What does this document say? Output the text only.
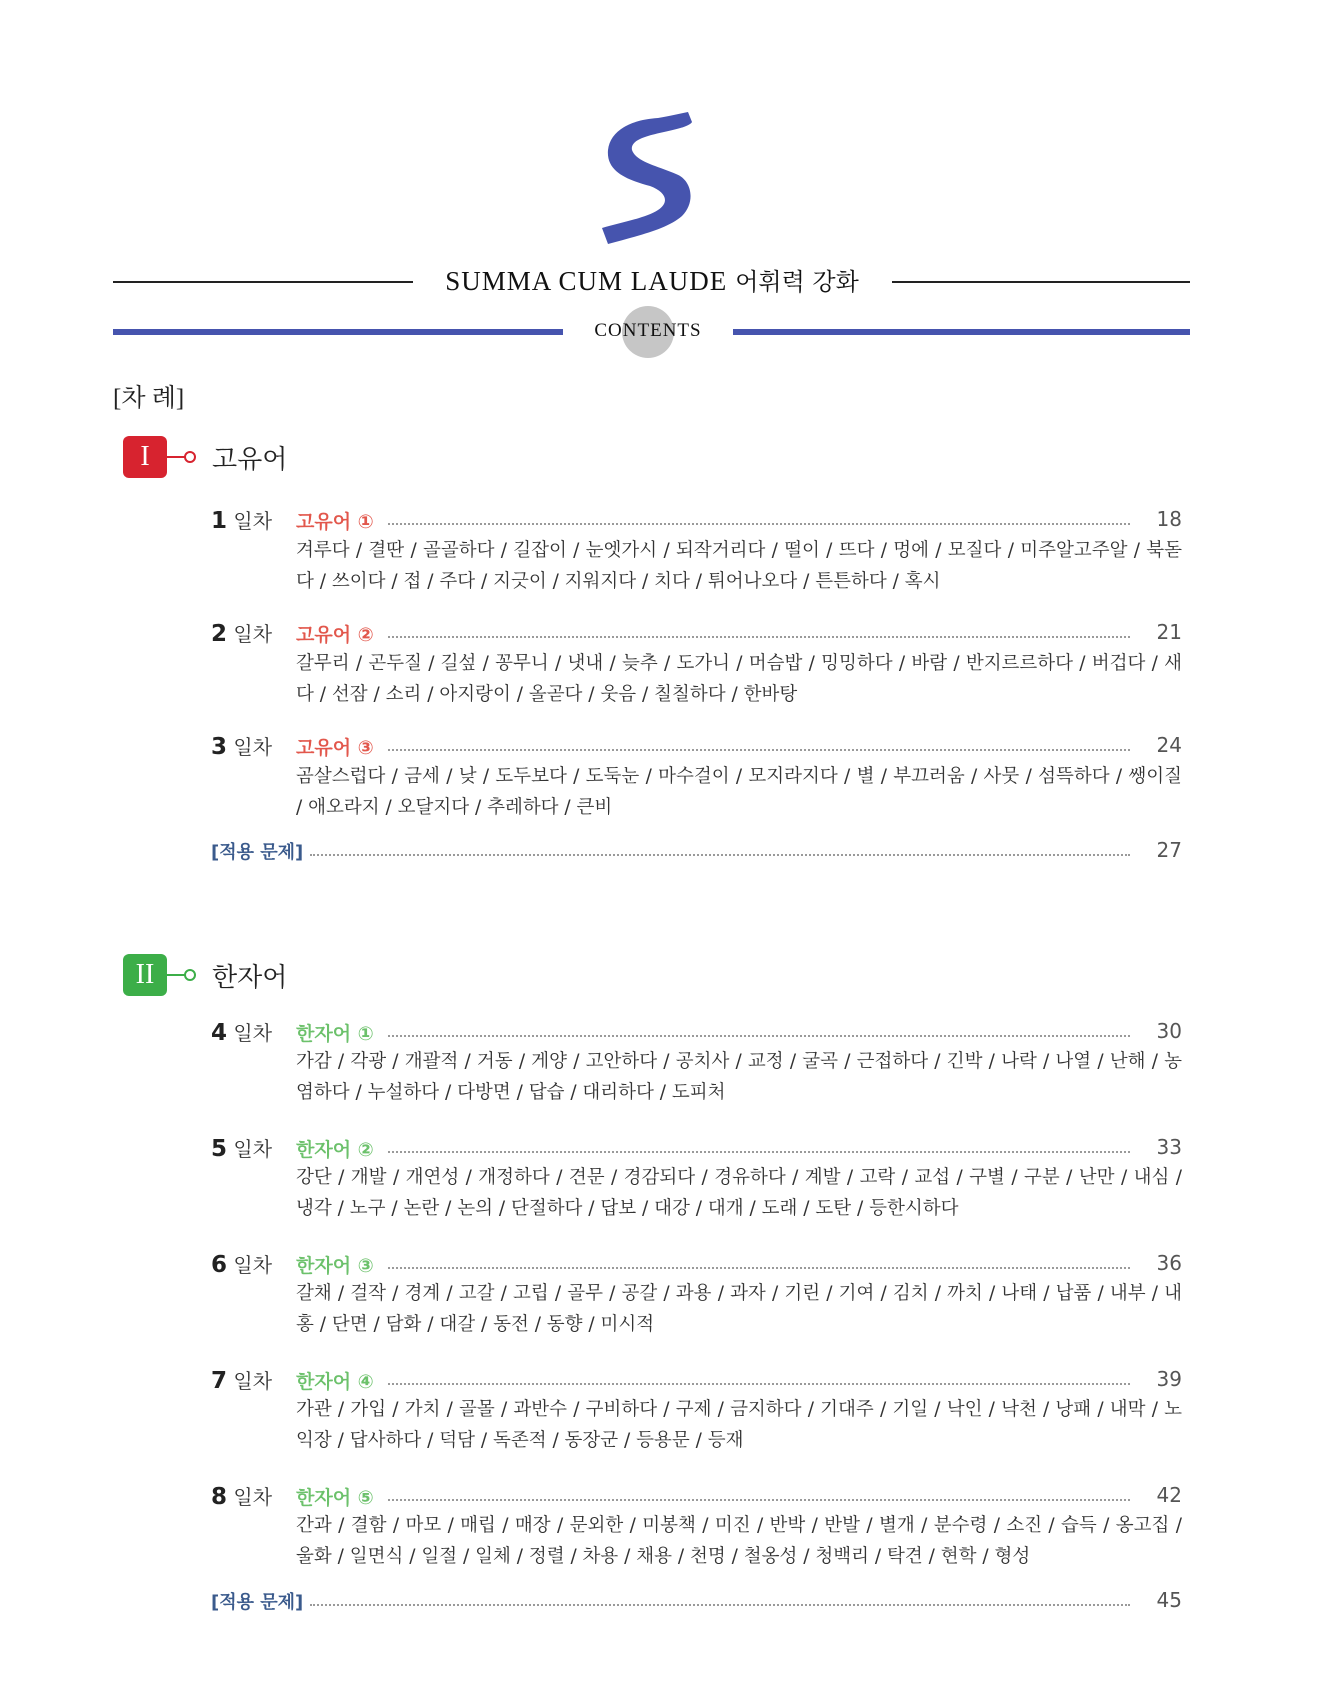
SUMMA CUM LAUDE 어휘력 강화
CONTENTS
[차 례]
I	고유어
1 일차 고유어 ①	18
겨루다 / 결딴 / 골골하다 / 길잡이 / 눈엣가시 / 되작거리다 / 떨이 / 뜨다 / 멍에 / 모질다 / 미주알고주알 / 북돋다 / 쓰이다 / 접 / 주다 / 지긋이 / 지워지다 / 치다 / 튀어나오다 / 튼튼하다 / 혹시
2 일차 고유어 ②	21
갈무리 / 곤두질 / 길섶 / 꽁무니 / 냇내 / 늦추 / 도가니 / 머슴밥 / 밍밍하다 / 바람 / 반지르르하다 / 버겁다 / 새다 / 선잠 / 소리 / 아지랑이 / 올곧다 / 웃음 / 칠칠하다 / 한바탕
3 일차 고유어 ③	24
곰살스럽다 / 금세 / 낮 / 도두보다 / 도둑눈 / 마수걸이 / 모지라지다 / 별 / 부끄러움 / 사뭇 / 섬뜩하다 / 쌩이질 / 애오라지 / 오달지다 / 추레하다 / 큰비
[적용 문제]	27
II	한자어
4 일차 한자어 ①	30
가감 / 각광 / 개괄적 / 거동 / 게양 / 고안하다 / 공치사 / 교정 / 굴곡 / 근접하다 / 긴박 / 나락 / 나열 / 난해 / 농염하다 / 누설하다 / 다방면 / 답습 / 대리하다 / 도피처
5 일차 한자어 ②	33
강단 / 개발 / 개연성 / 개정하다 / 견문 / 경감되다 / 경유하다 / 계발 / 고락 / 교섭 / 구별 / 구분 / 난만 / 내심 / 냉각 / 노구 / 논란 / 논의 / 단절하다 / 답보 / 대강 / 대개 / 도래 / 도탄 / 등한시하다
6 일차 한자어 ③	36
갈채 / 걸작 / 경계 / 고갈 / 고립 / 골무 / 공갈 / 과용 / 과자 / 기린 / 기여 / 김치 / 까치 / 나태 / 납품 / 내부 / 내홍 / 단면 / 담화 / 대갈 / 동전 / 동향 / 미시적
7 일차 한자어 ④	39
가관 / 가입 / 가치 / 골몰 / 과반수 / 구비하다 / 구제 / 금지하다 / 기대주 / 기일 / 낙인 / 낙천 / 낭패 / 내막 / 노익장 / 답사하다 / 덕담 / 독존적 / 동장군 / 등용문 / 등재
8 일차 한자어 ⑤	42
간과 / 결함 / 마모 / 매립 / 매장 / 문외한 / 미봉책 / 미진 / 반박 / 반발 / 별개 / 분수령 / 소진 / 습득 / 옹고집 / 울화 / 일면식 / 일절 / 일체 / 정렬 / 차용 / 채용 / 천명 / 철옹성 / 청백리 / 탁견 / 현학 / 형성
[적용 문제]	45
